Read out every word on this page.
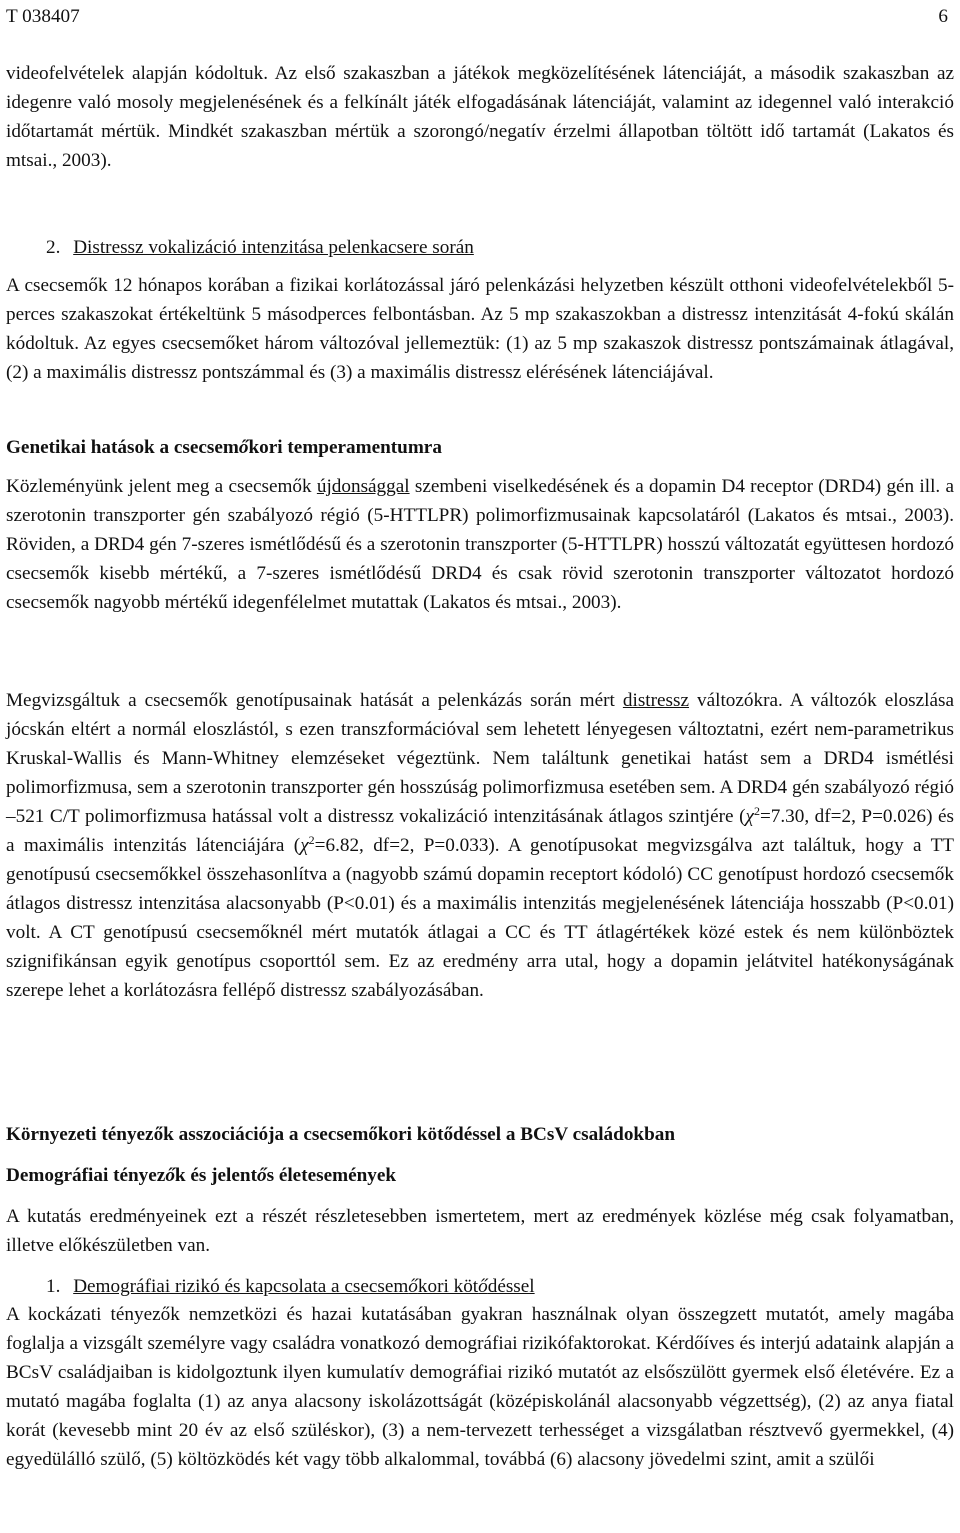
T 038407	6

videofelvételek alapján kódoltuk. Az első szakaszban a játékok megközelítésének látenciáját, a második szakaszban az idegenre való mosoly megjelenésének és a felkínált játék elfogadásának látenciáját, valamint az idegennel való interakció időtartamát mértük. Mindkét szakaszban mértük a szorongó/negatív érzelmi állapotban töltött idő tartamát (Lakatos és mtsai., 2003).

2. Distressz vokalizáció intenzitása pelenkacsere során

A csecsemők 12 hónapos korában a fizikai korlátozással járó pelenkázási helyzetben készült otthoni videofelvételekből 5-perces szakaszokat értékeltünk 5 másodperces felbontásban. Az 5 mp szakaszokban a distressz intenzitását 4-fokú skálán kódoltuk. Az egyes csecsemőket három változóval jellemeztük: (1) az 5 mp szakaszok distressz pontszámainak átlagával, (2) a maximális distressz pontszámmal és (3) a maximális distressz elérésének látenciájával.

Genetikai hatások a csecsemőkori temperamentumra

Közleményünk jelent meg a csecsemők újdonsággal szembeni viselkedésének és a dopamin D4 receptor (DRD4) gén ill. a szerotonin transzporter gén szabályozó régió (5-HTTLPR) polimorfizmusainak kapcsolatáról (Lakatos és mtsai., 2003). Röviden, a DRD4 gén 7-szeres ismétlődésű és a szerotonin transzporter (5-HTTLPR) hosszú változatát együttesen hordozó csecsemők kisebb mértékű, a 7-szeres ismétlődésű DRD4 és csak rövid szerotonin transzporter változatot hordozó csecsemők nagyobb mértékű idegenfélelmet mutattak (Lakatos és mtsai., 2003).

Megvizsgáltuk a csecsemők genotípusainak hatását a pelenkázás során mért distressz változókra. A változók eloszlása jócskán eltért a normál eloszlástól, s ezen transzformációval sem lehetett lényegesen változtatni, ezért nem-parametrikus Kruskal-Wallis és Mann-Whitney elemzéseket végeztünk. Nem találtunk genetikai hatást sem a DRD4 ismétlési polimorfizmusa, sem a szerotonin transzporter gén hosszúság polimorfizmusa esetében sem. A DRD4 gén szabályozó régió –521 C/T polimorfizmusa hatással volt a distressz vokalizáció intenzitásának átlagos szintjére ($\chi^2=7.30$, df=2, P=0.026) és a maximális intenzitás látenciájára ($\chi^2=6.82$, df=2, P=0.033). A genotípusokat megvizsgálva azt találtuk, hogy a TT genotípusú csecsemőkkel összehasonlítva a (nagyobb számú dopamin receptort kódoló) CC genotípust hordozó csecsemők átlagos distressz intenzitása alacsonyabb (P<0.01) és a maximális intenzitás megjelenésének látenciája hosszabb (P<0.01) volt. A CT genotípusú csecsemőknél mért mutatók átlagai a CC és TT átlagértékek közé estek és nem különböztek szignifikánsan egyik genotípus csoporttól sem. Ez az eredmény arra utal, hogy a dopamin jelátvitel hatékonyságának szerepe lehet a korlátozásra fellépő distressz szabályozásában.

Környezeti tényezők asszociációja a csecsemőkori kötődéssel a BCsV családokban
Demográfiai tényezők és jelentős életesemények

A kutatás eredményeinek ezt a részét részletesebben ismertetem, mert az eredmények közlése még csak folyamatban, illetve előkészületben van.

1. Demográfiai rizikó és kapcsolata a csecsemőkori kötődéssel

A kockázati tényezők nemzetközi és hazai kutatásában gyakran használnak olyan összegzett mutatót, amely magába foglalja a vizsgált személyre vagy családra vonatkozó demográfiai rizikófaktorokat. Kérdőíves és interjú adataink alapján a BCsV családjaiban is kidolgoztunk ilyen kumulatív demográfiai rizikó mutatót az elsőszülött gyermek első életévére. Ez a mutató magába foglalta (1) az anya alacsony iskolázottságát (középiskolánál alacsonyabb végzettség), (2) az anya fiatal korát (kevesebb mint 20 év az első szüléskor), (3) a nem-tervezett terhességet a vizsgálatban résztvevő gyermekkel, (4) egyedülálló szülő, (5) költözködés két vagy több alkalommal, továbbá (6) alacsony jövedelmi szint, amit a szülői
